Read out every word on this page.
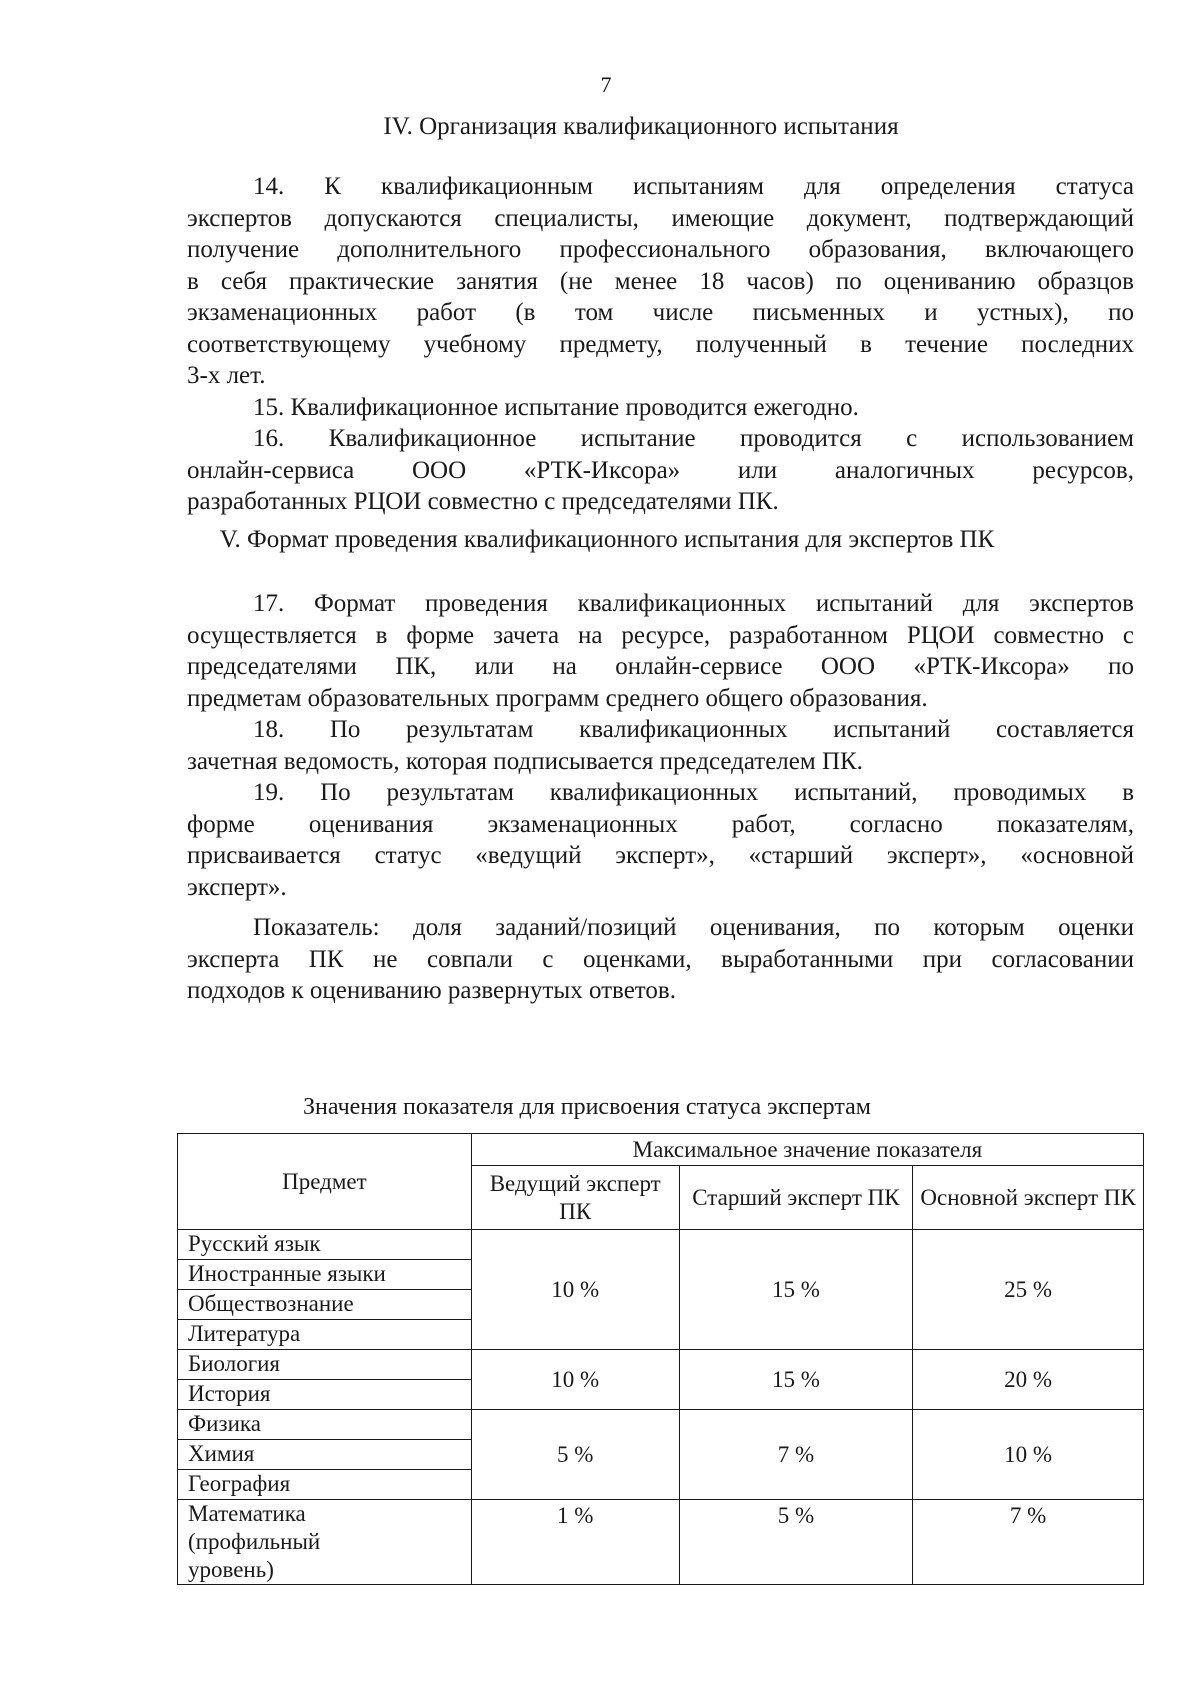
7
IV. Организация квалификационного испытания
14. К квалификационным испытаниям для определения статуса
экспертов допускаются специалисты, имеющие документ, подтверждающий
получение дополнительного профессионального образования, включающего
в себя практические занятия (не менее 18 часов) по оцениванию образцов
экзаменационных работ (в том числе письменных и устных), по
соответствующему учебному предмету, полученный в течение последних
3-х лет.
15. Квалификационное испытание проводится ежегодно.
16. Квалификационное испытание проводится с использованием
онлайн-сервиса ООО «РТК-Иксора» или аналогичных ресурсов,
разработанных РЦОИ совместно с председателями ПК.
V. Формат проведения квалификационного испытания для экспертов ПК
17. Формат проведения квалификационных испытаний для экспертов
осуществляется в форме зачета на ресурсе, разработанном РЦОИ совместно с
председателями ПК, или на онлайн-сервисе ООО «РТК-Иксора» по
предметам образовательных программ среднего общего образования.
18. По результатам квалификационных испытаний составляется
зачетная ведомость, которая подписывается председателем ПК.
19. По результатам квалификационных испытаний, проводимых в
форме оценивания экзаменационных работ, согласно показателям,
присваивается статус «ведущий эксперт», «старший эксперт», «основной
эксперт».
Показатель: доля заданий/позиций оценивания, по которым оценки
эксперта ПК не совпали с оценками, выработанными при согласовании
подходов к оцениванию развернутых ответов.
Значения показателя для присвоения статуса экспертам
Предмет	Максимальное значение показателя		
	Ведущий эксперт ПК	Старший эксперт ПК	Основной эксперт ПК
Русский язык	10 %	15 %	25 %
Иностранные языки			
Обществознание			
Литература			
Биология	10 %	15 %	20 %
История			
Физика	5 %	7 %	10 %
Химия			
География			
Математика (профильный уровень)	1 %	5 %	7 %
